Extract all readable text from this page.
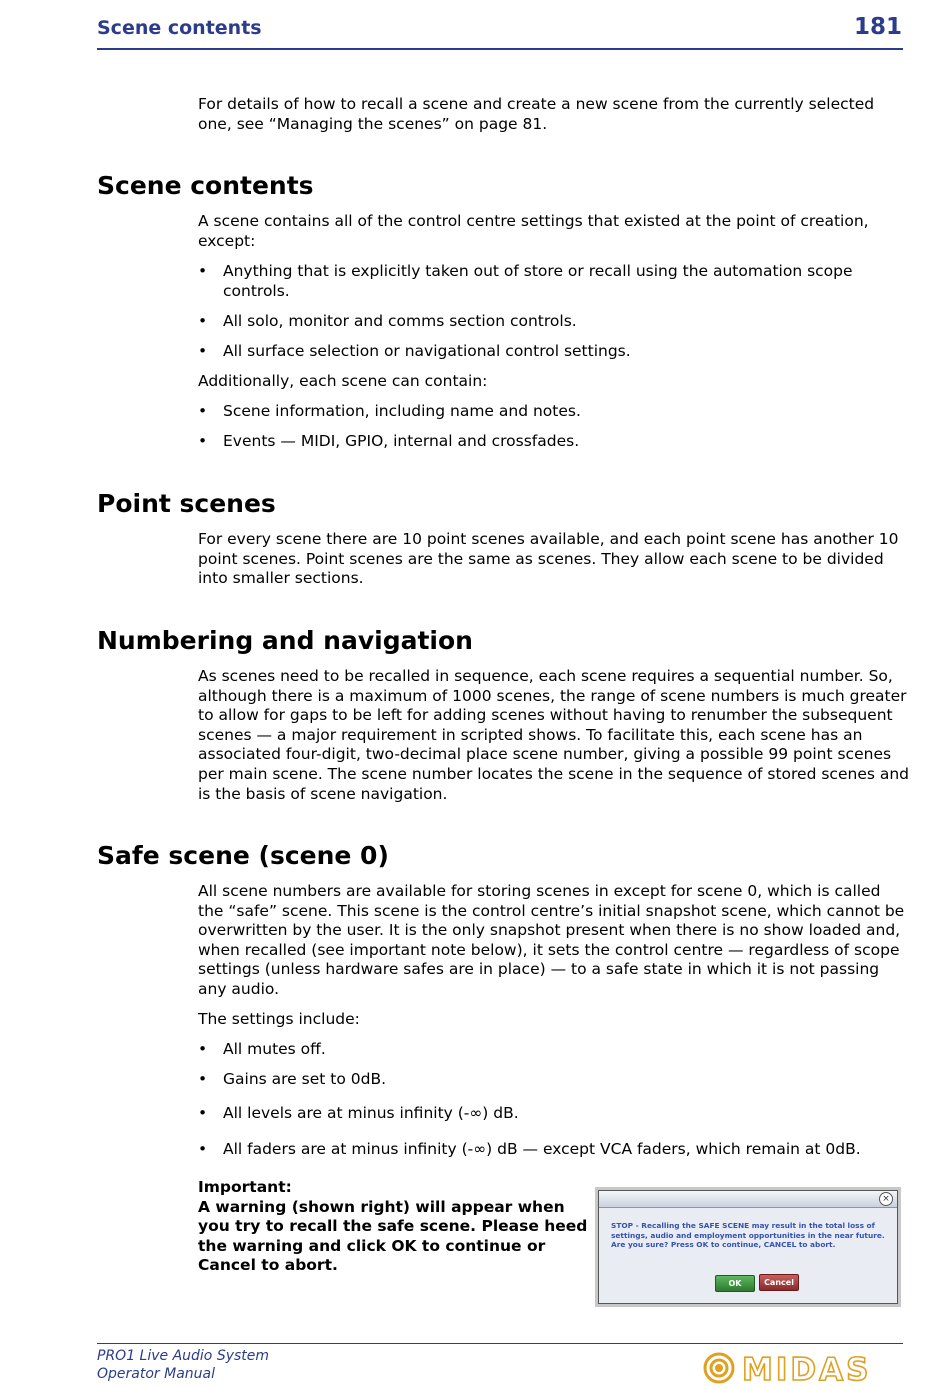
Scene contents	181
For details of how to recall a scene and create a new scene from the currently selected one, see “Managing the scenes” on page 81.
Scene contents
A scene contains all of the control centre settings that existed at the point of creation, except:
• Anything that is explicitly taken out of store or recall using the automation scope controls.
• All solo, monitor and comms section controls.
• All surface selection or navigational control settings.
Additionally, each scene can contain:
• Scene information, including name and notes.
• Events — MIDI, GPIO, internal and crossfades.
Point scenes
For every scene there are 10 point scenes available, and each point scene has another 10 point scenes. Point scenes are the same as scenes. They allow each scene to be divided into smaller sections.
Numbering and navigation
As scenes need to be recalled in sequence, each scene requires a sequential number. So, although there is a maximum of 1000 scenes, the range of scene numbers is much greater to allow for gaps to be left for adding scenes without having to renumber the subsequent scenes — a major requirement in scripted shows. To facilitate this, each scene has an associated four-digit, two-decimal place scene number, giving a possible 99 point scenes per main scene. The scene number locates the scene in the sequence of stored scenes and is the basis of scene navigation.
Safe scene (scene 0)
All scene numbers are available for storing scenes in except for scene 0, which is called the “safe” scene. This scene is the control centre’s initial snapshot scene, which cannot be overwritten by the user. It is the only snapshot present when there is no show loaded and, when recalled (see important note below), it sets the control centre — regardless of scope settings (unless hardware safes are in place) — to a safe state in which it is not passing any audio.
The settings include:
• All mutes off.
• Gains are set to 0dB.
• All levels are at minus infinity (-∞) dB.
• All faders are at minus infinity (-∞) dB — except VCA faders, which remain at 0dB.
Important:
A warning (shown right) will appear when you try to recall the safe scene. Please heed the warning and click OK to continue or Cancel to abort.
×
STOP - Recalling the SAFE SCENE may result in the total loss of settings, audio and employment opportunities in the near future. Are you sure? Press OK to continue, CANCEL to abort.
OK	Cancel
PRO1 Live Audio System
Operator Manual	MIDAS
